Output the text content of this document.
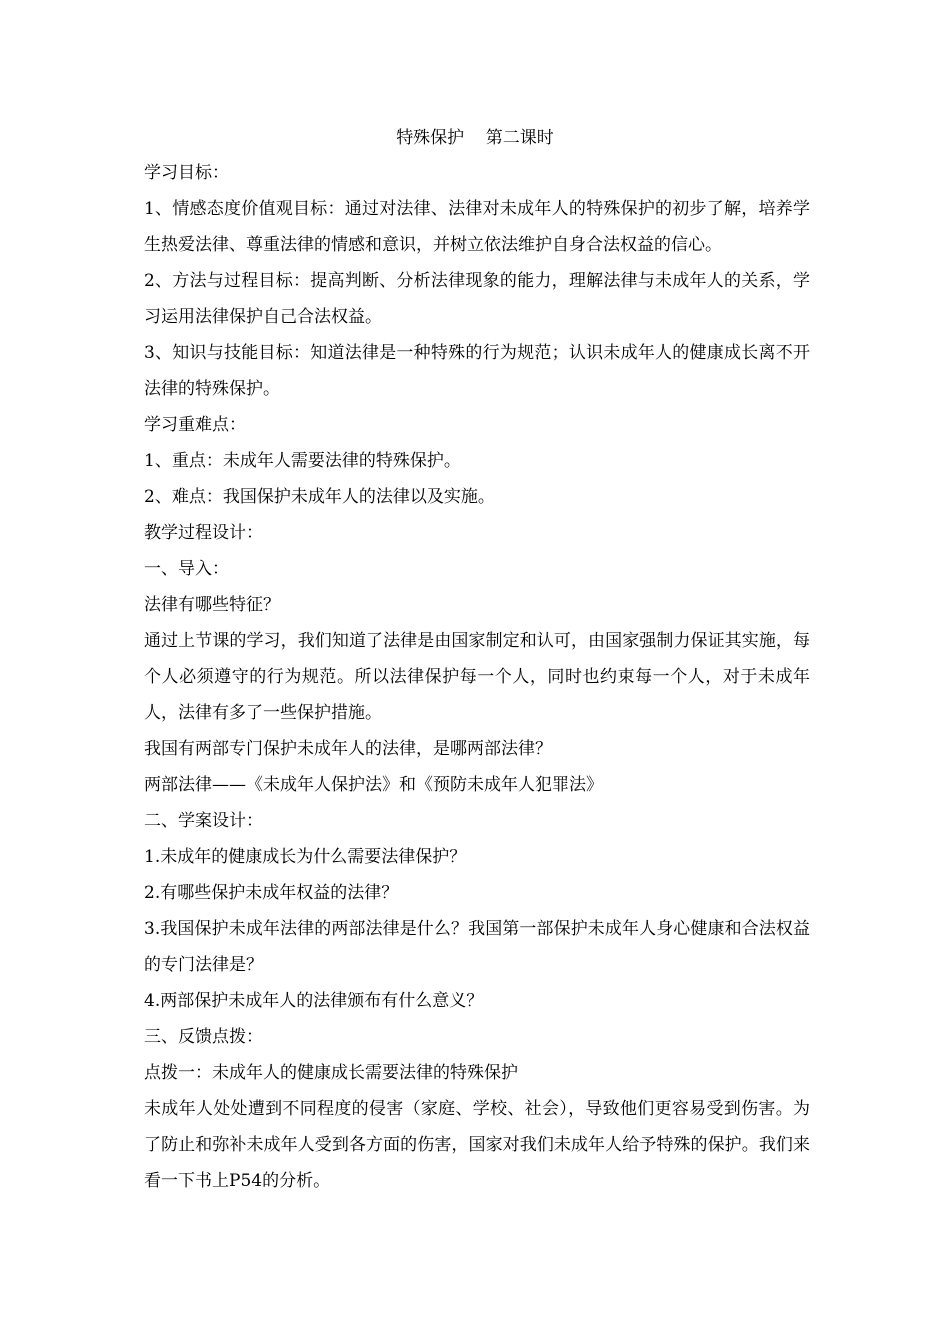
特殊保护    第二课时

学习目标：

1、情感态度价值观目标：通过对法律、法律对未成年人的特殊保护的初步了解，培养学生热爱法律、尊重法律的情感和意识，并树立依法维护自身合法权益的信心。

2、方法与过程目标：提高判断、分析法律现象的能力，理解法律与未成年人的关系，学习运用法律保护自己合法权益。

3、知识与技能目标：知道法律是一种特殊的行为规范；认识未成年人的健康成长离不开法律的特殊保护。

学习重难点：

1、重点：未成年人需要法律的特殊保护。

2、难点：我国保护未成年人的法律以及实施。

教学过程设计：

一、导入：

法律有哪些特征？

通过上节课的学习，我们知道了法律是由国家制定和认可，由国家强制力保证其实施，每个人必须遵守的行为规范。所以法律保护每一个人，同时也约束每一个人，对于未成年人，法律有多了一些保护措施。

我国有两部专门保护未成年人的法律，是哪两部法律？

两部法律——《未成年人保护法》和《预防未成年人犯罪法》

二、学案设计：

1.未成年的健康成长为什么需要法律保护？

2.有哪些保护未成年权益的法律？

3.我国保护未成年法律的两部法律是什么？我国第一部保护未成年人身心健康和合法权益的专门法律是？

4.两部保护未成年人的法律颁布有什么意义？

三、反馈点拨：

点拨一：未成年人的健康成长需要法律的特殊保护

未成年人处处遭到不同程度的侵害（家庭、学校、社会），导致他们更容易受到伤害。为了防止和弥补未成年人受到各方面的伤害，国家对我们未成年人给予特殊的保护。我们来看一下书上P54的分析。
